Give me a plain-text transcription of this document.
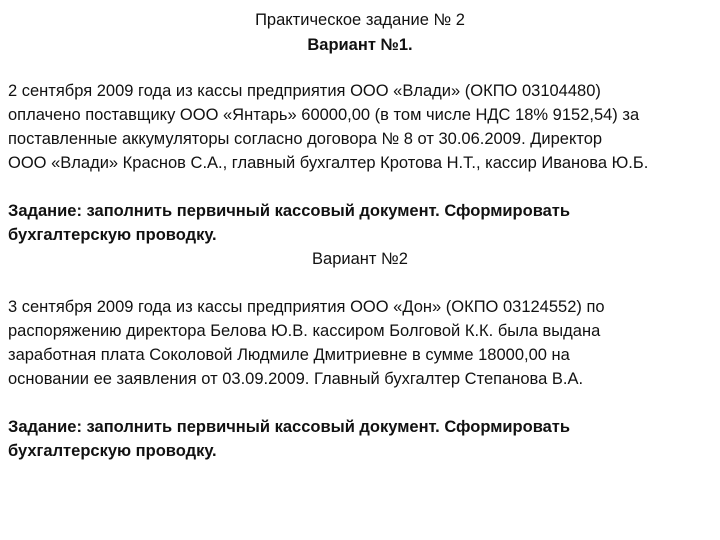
Практическое задание № 2
Вариант №1.
2 сентября 2009 года из кассы предприятия ООО «Влади» (ОКПО 03104480)
оплачено поставщику ООО «Янтарь» 60000,00 (в том числе НДС 18% 9152,54) за
поставленные аккумуляторы согласно договора № 8 от 30.06.2009. Директор
ООО «Влади» Краснов С.А., главный бухгалтер Кротова Н.Т., кассир Иванова Ю.Б.
Задание: заполнить первичный кассовый документ. Сформировать
бухгалтерскую проводку.
Вариант №2
3 сентября 2009 года из кассы предприятия ООО «Дон» (ОКПО 03124552) по
распоряжению директора Белова Ю.В. кассиром Болговой К.К. была выдана
заработная плата Соколовой Людмиле Дмитриевне в сумме 18000,00 на
основании ее заявления от 03.09.2009. Главный бухгалтер Степанова В.А.
Задание: заполнить первичный кассовый документ. Сформировать
бухгалтерскую проводку.
